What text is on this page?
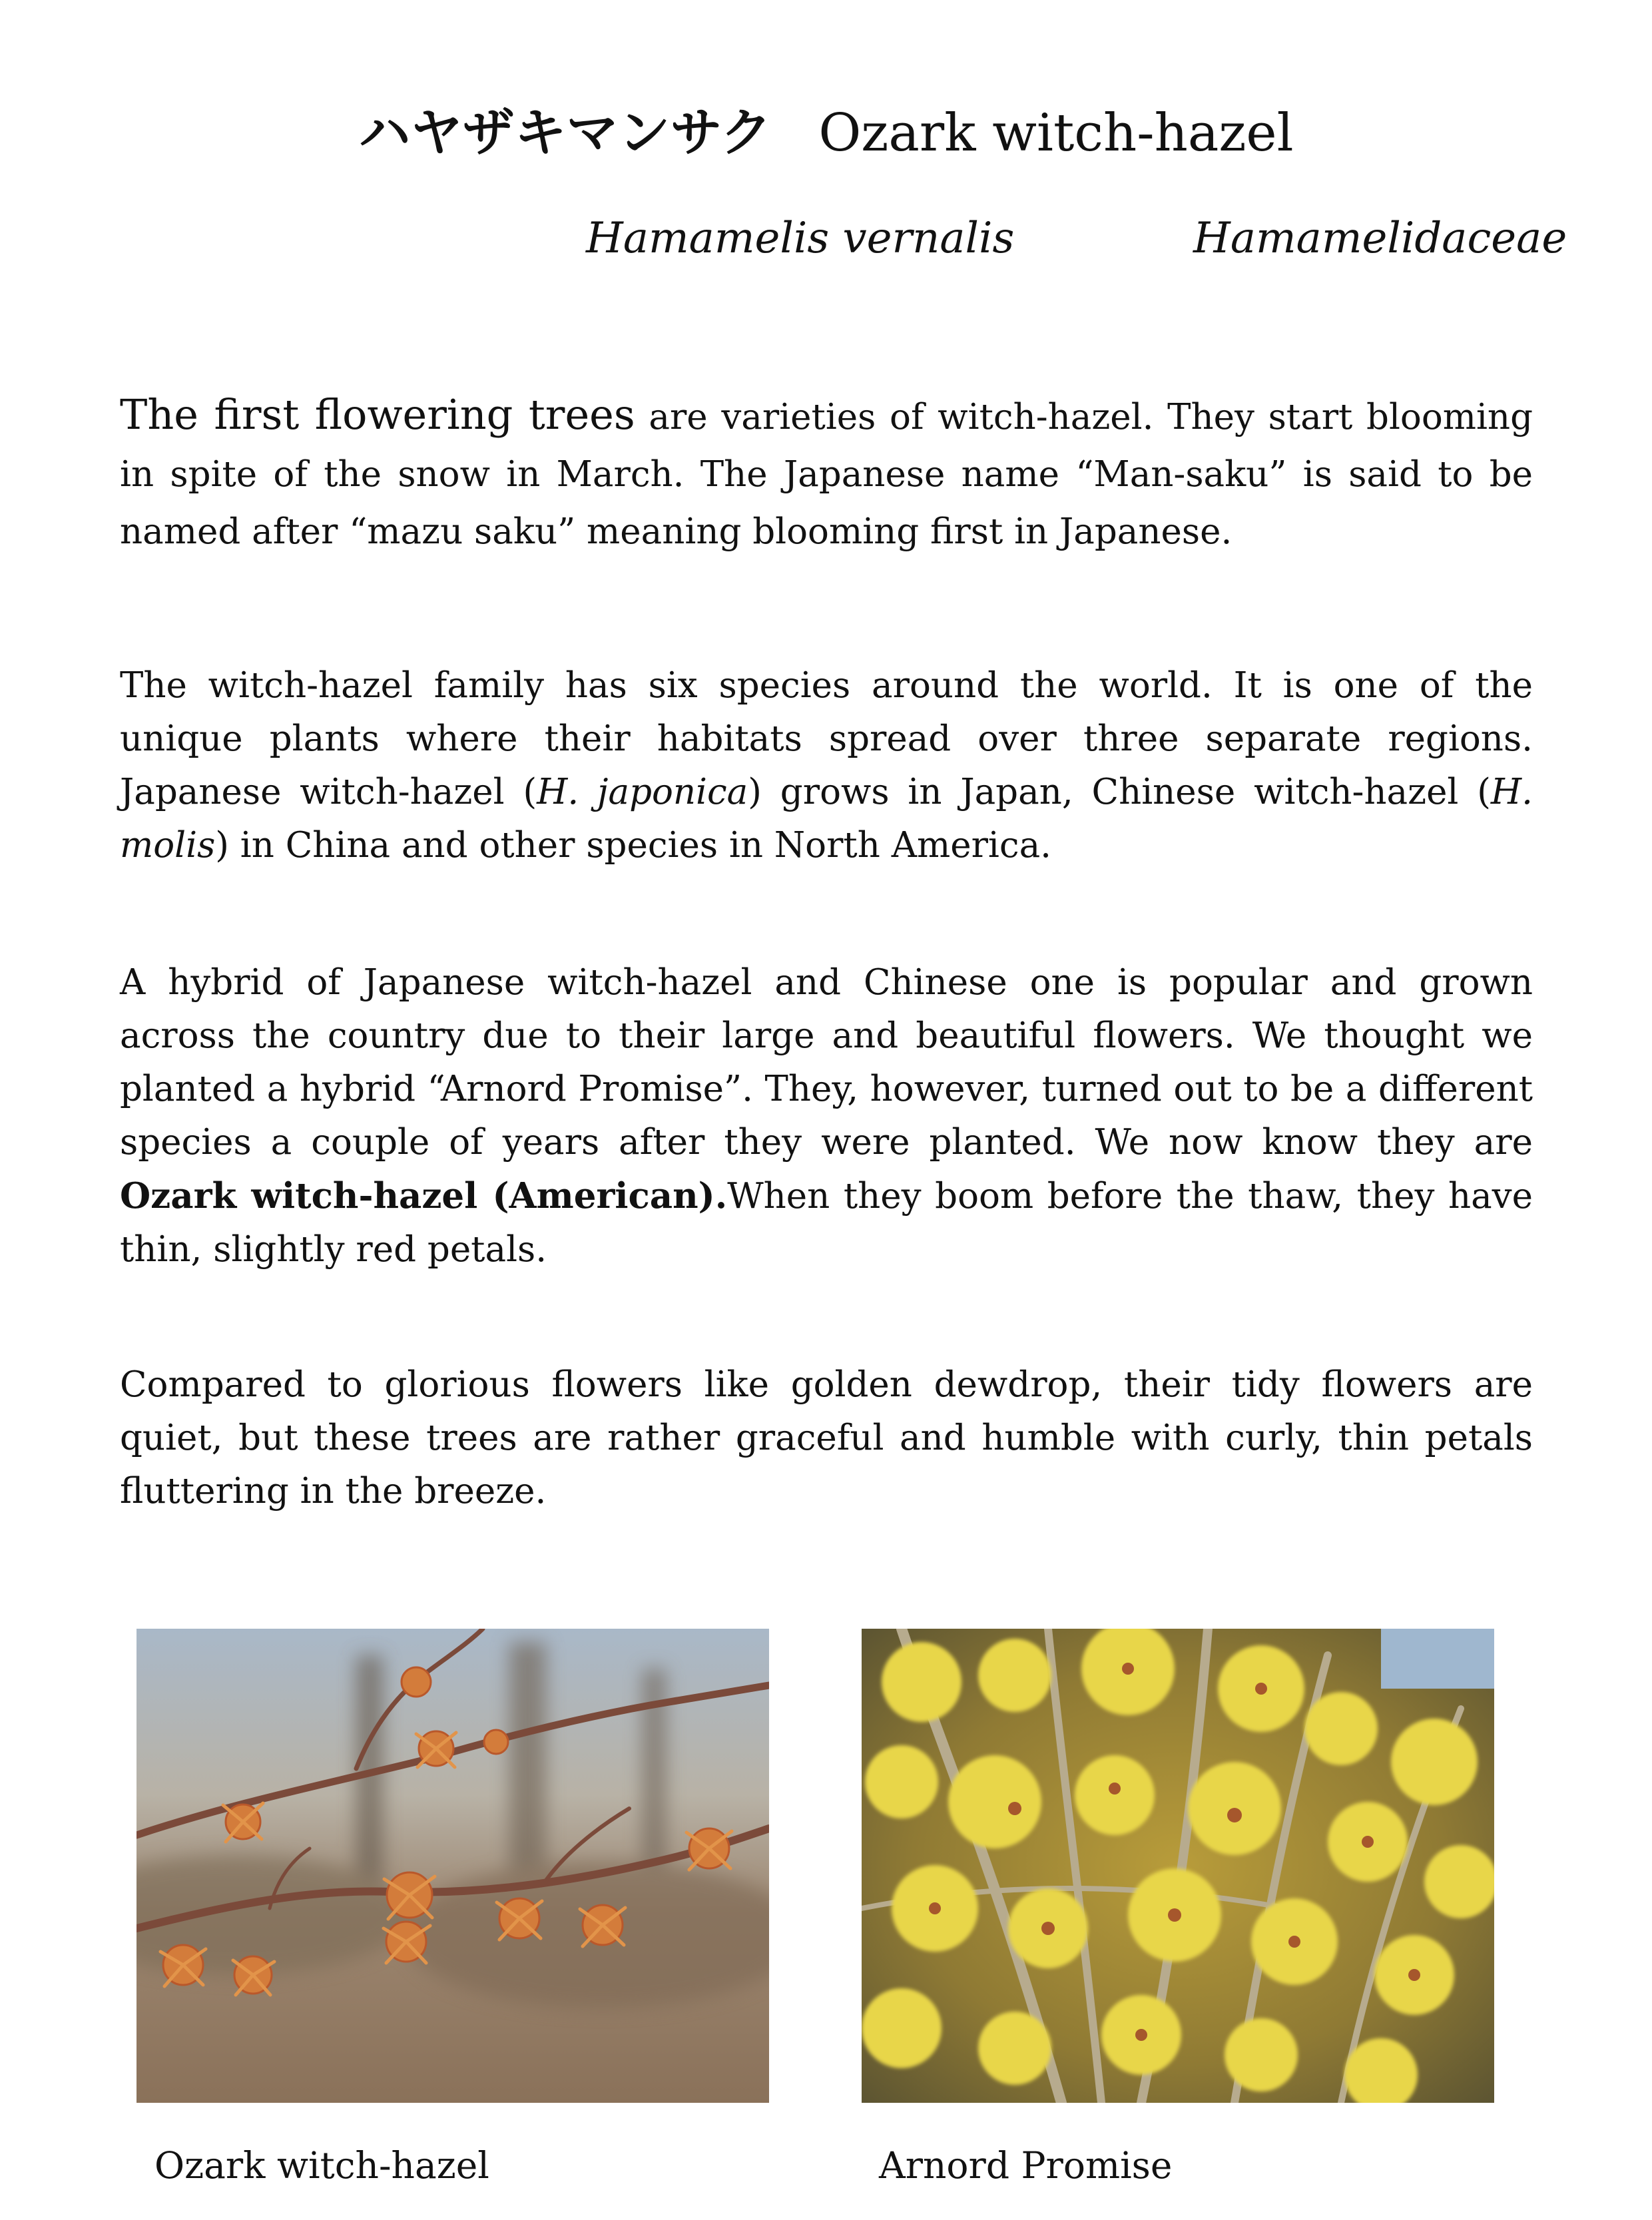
ハヤザキマンサク Ozark witch-hazel
Hamamelis vernalis	Hamamelidaceae

The first flowering trees are varieties of witch-hazel. They start blooming in spite of the snow in March. The Japanese name “Man-saku” is said to be named after “mazu saku” meaning blooming first in Japanese.

The witch-hazel family has six species around the world. It is one of the unique plants where their habitats spread over three separate regions. Japanese witch-hazel (H. japonica) grows in Japan, Chinese witch-hazel (H. molis) in China and other species in North America.

A hybrid of Japanese witch-hazel and Chinese one is popular and grown across the country due to their large and beautiful flowers. We thought we planted a hybrid “Arnord Promise”. They, however, turned out to be a different species a couple of years after they were planted. We now know they are Ozark witch-hazel (American).When they boom before the thaw, they have thin, slightly red petals.

Compared to glorious flowers like golden dewdrop, their tidy flowers are quiet, but these trees are rather graceful and humble with curly, thin petals fluttering in the breeze.

Ozark witch-hazel	Arnord Promise
